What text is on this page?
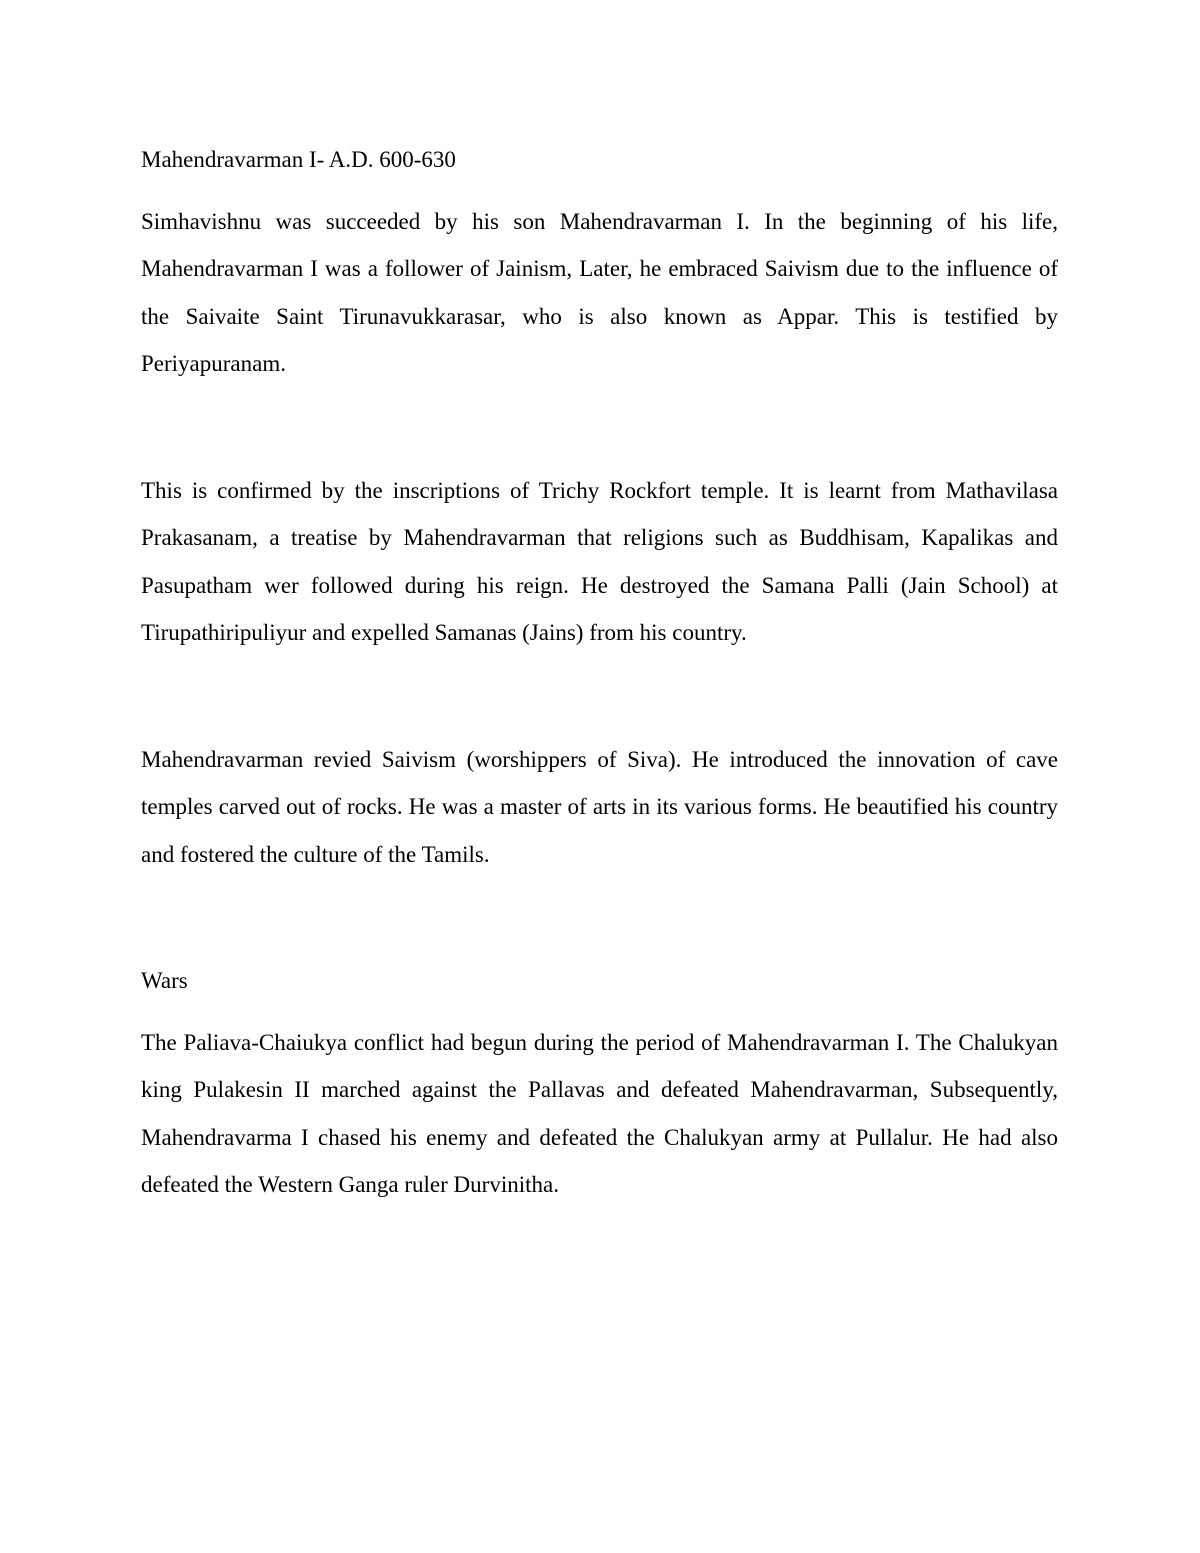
Mahendravarman I- A.D. 600-630

Simhavishnu was succeeded by his son Mahendravarman I. In the beginning of his life, Mahendravarman I was a follower of Jainism, Later, he embraced Saivism due to the influence of the Saivaite Saint Tirunavukkarasar, who is also known as Appar. This is testified by Periyapuranam.

This is confirmed by the inscriptions of Trichy Rockfort temple. It is learnt from Mathavilasa Prakasanam, a treatise by Mahendravarman that religions such as Buddhisam, Kapalikas and Pasupatham wer followed during his reign. He destroyed the Samana Palli (Jain School) at Tirupathiripuliyur and expelled Samanas (Jains) from his country.

Mahendravarman revied Saivism (worshippers of Siva). He introduced the innovation of cave temples carved out of rocks. He was a master of arts in its various forms. He beautified his country and fostered the culture of the Tamils.

Wars

The Paliava-Chaiukya conflict had begun during the period of Mahendravarman I. The Chalukyan king Pulakesin II marched against the Pallavas and defeated Mahendravarman, Subsequently, Mahendravarma I chased his enemy and defeated the Chalukyan army at Pullalur. He had also defeated the Western Ganga ruler Durvinitha.
